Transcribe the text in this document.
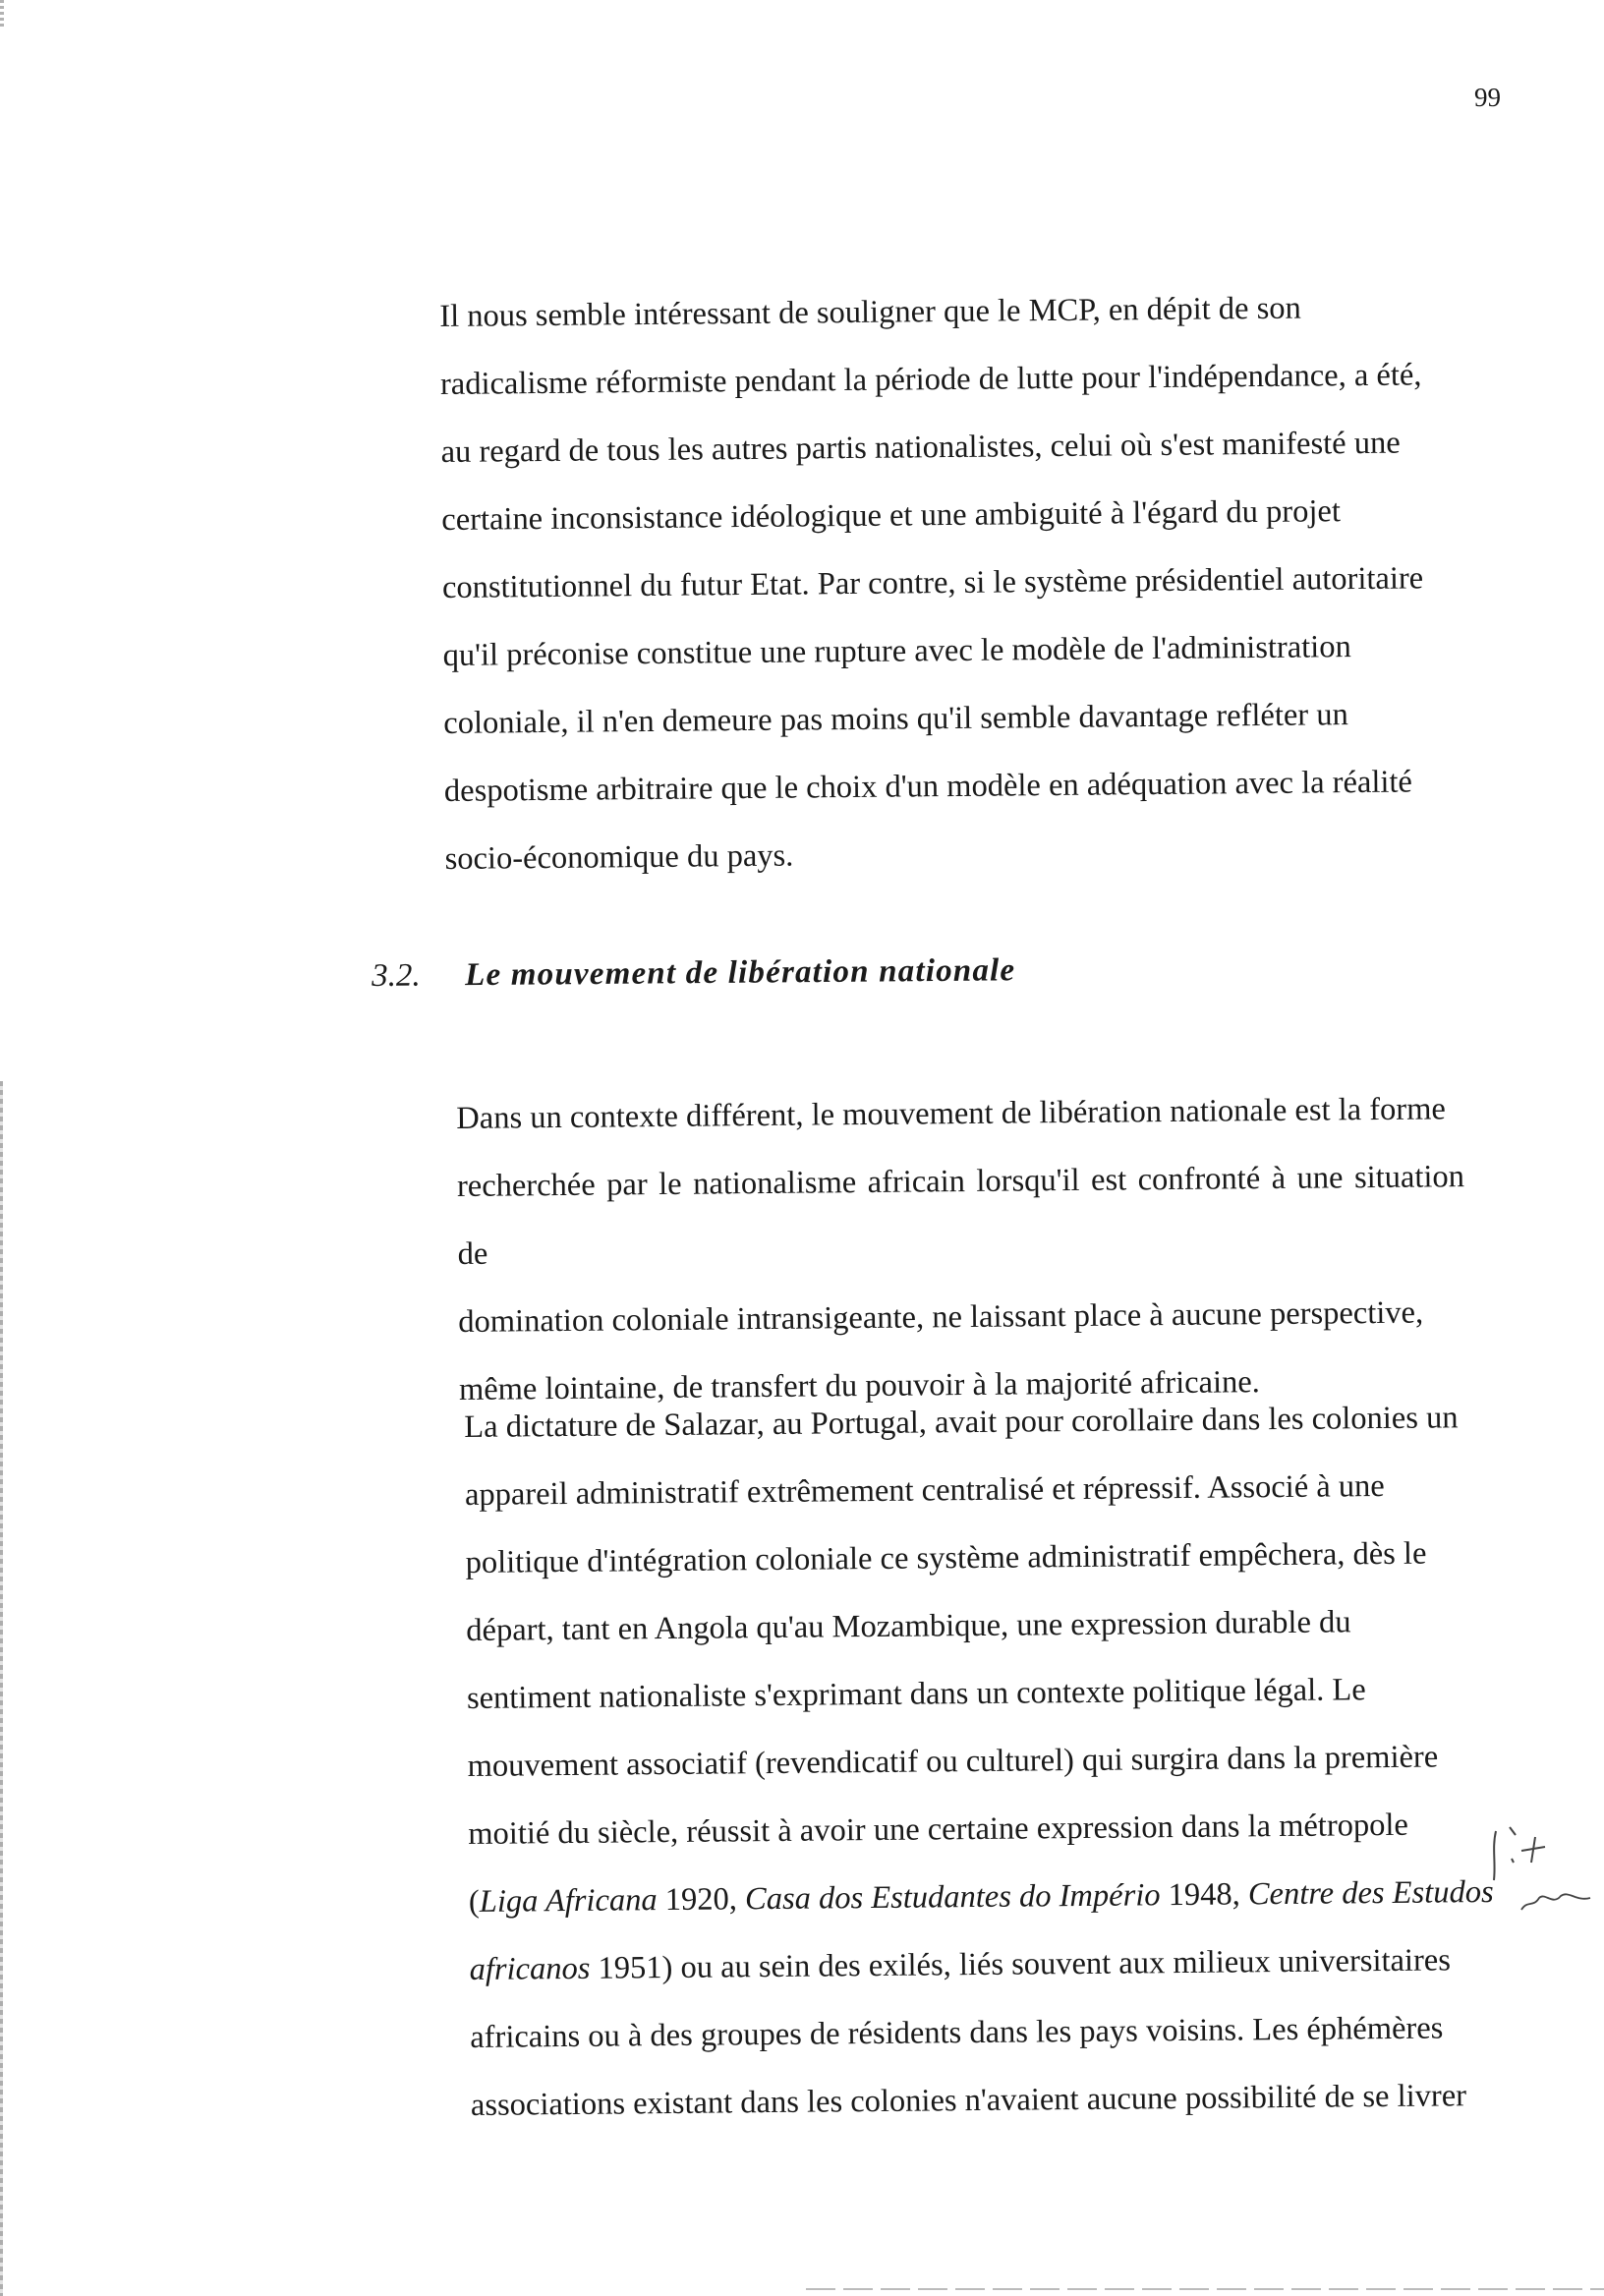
99

Il nous semble intéressant de souligner que le MCP, en dépit de son
radicalisme réformiste pendant la période de lutte pour l'indépendance, a été,
au regard de tous les autres partis nationalistes, celui où s'est manifesté une
certaine inconsistance idéologique et une ambiguité à l'égard du projet
constitutionnel du futur Etat. Par contre, si le système présidentiel autoritaire
qu'il préconise constitue une rupture avec le modèle de l'administration
coloniale, il n'en demeure pas moins qu'il semble davantage refléter un
despotisme arbitraire que le choix d'un modèle en adéquation avec la réalité
socio-économique du pays.

3.2. Le mouvement de libération nationale

Dans un contexte différent, le mouvement de libération nationale est la forme
recherchée par le nationalisme africain lorsqu'il est confronté à une situation de
domination coloniale intransigeante, ne laissant place à aucune perspective,
même lointaine, de transfert du pouvoir à la majorité africaine.

La dictature de Salazar, au Portugal, avait pour corollaire dans les colonies un
appareil administratif extrêmement centralisé et répressif. Associé à une
politique d'intégration coloniale ce système administratif empêchera, dès le
départ, tant en Angola qu'au Mozambique, une expression durable du
sentiment nationaliste s'exprimant dans un contexte politique légal. Le
mouvement associatif (revendicatif ou culturel) qui surgira dans la première
moitié du siècle, réussit à avoir une certaine expression dans la métropole
(Liga Africana 1920, Casa dos Estudantes do Império 1948, Centre des Estudos
africanos 1951) ou au sein des exilés, liés souvent aux milieux universitaires
africains ou à des groupes de résidents dans les pays voisins. Les éphémères
associations existant dans les colonies n'avaient aucune possibilité de se livrer
